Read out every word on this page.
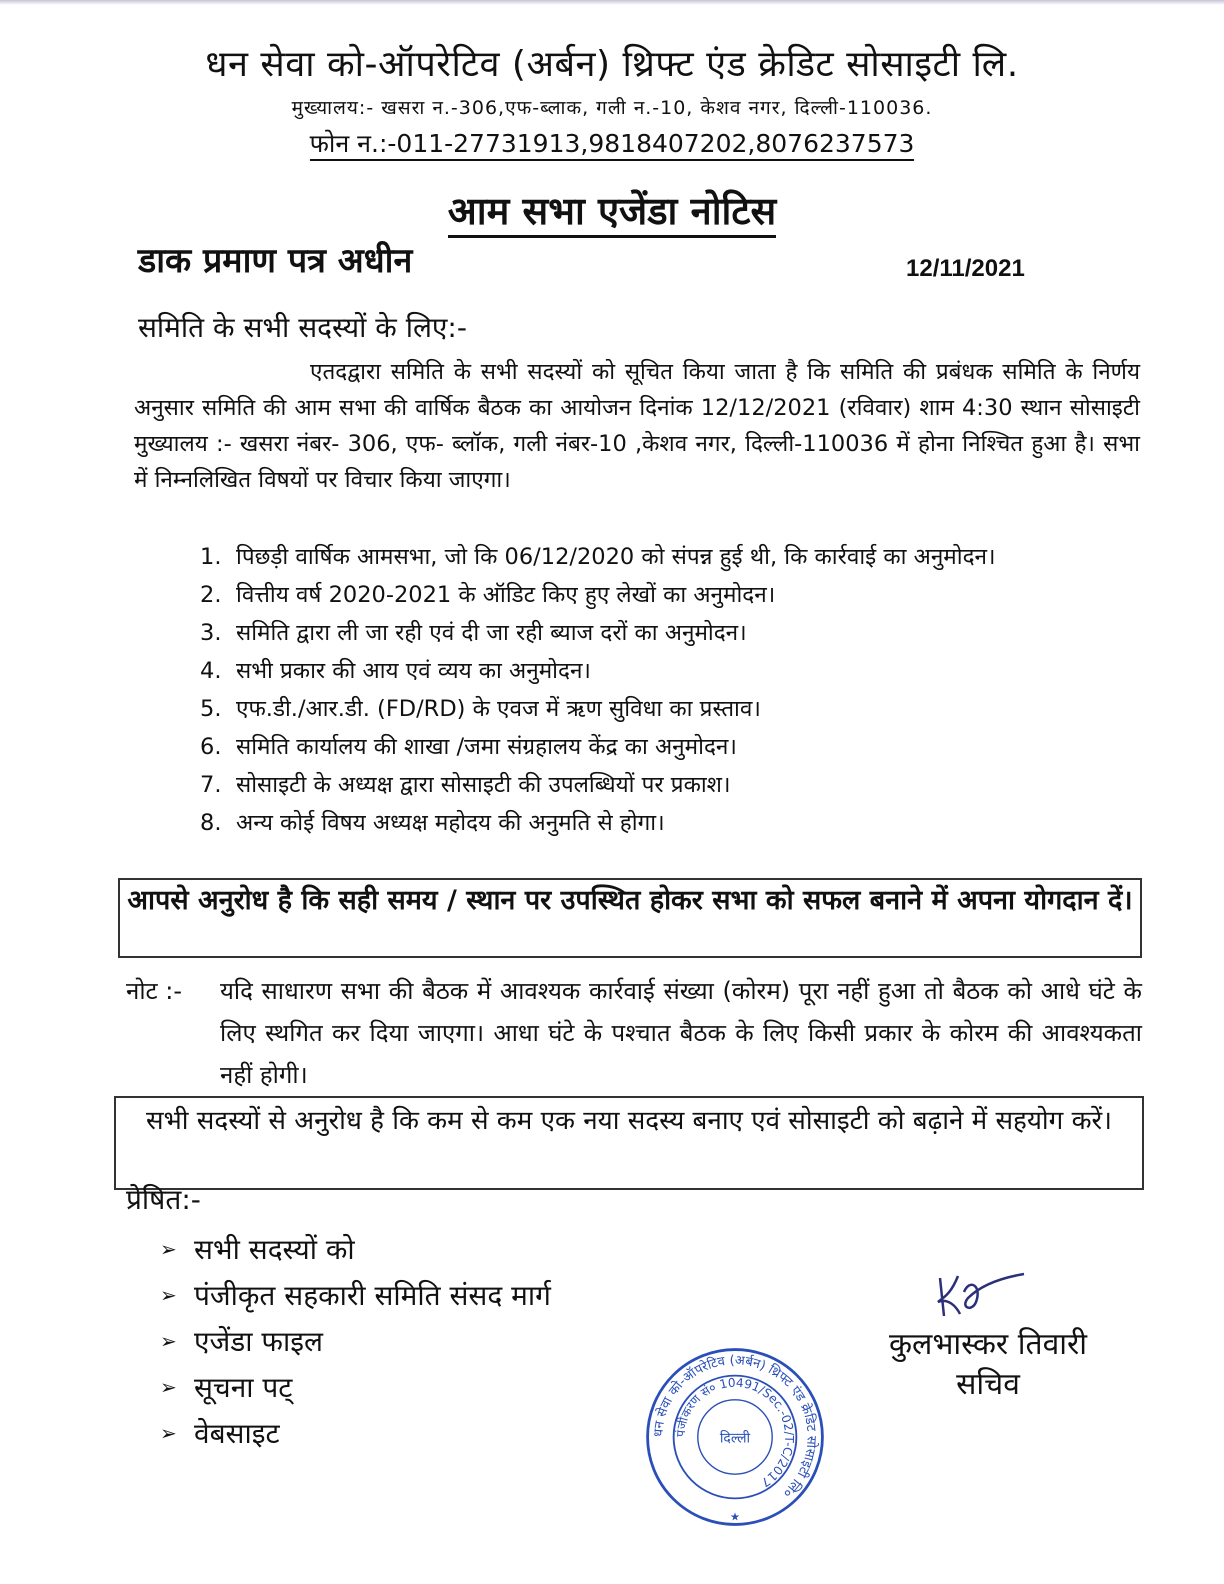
धन सेवा को-ऑपरेटिव (अर्बन) थ्रिफ्ट एंड क्रेडिट सोसाइटी लि.
मुख्यालय:- खसरा न.-306,एफ-ब्लाक, गली न.-10, केशव नगर, दिल्ली-110036.
फोन न.:-011-27731913,9818407202,8076237573
आम सभा एजेंडा नोटिस
डाक प्रमाण पत्र अधीन	12/11/2021
समिति के सभी सदस्यों के लिए:-
एतदद्वारा समिति के सभी सदस्यों को सूचित किया जाता है कि समिति की प्रबंधक समिति के निर्णय अनुसार समिति की आम सभा की वार्षिक बैठक का आयोजन दिनांक 12/12/2021 (रविवार) शाम 4:30 स्थान सोसाइटी मुख्यालय :- खसरा नंबर- 306, एफ- ब्लॉक, गली नंबर-10 ,केशव नगर, दिल्ली-110036 में होना निश्चित हुआ है। सभा में निम्नलिखित विषयों पर विचार किया जाएगा।
1. पिछड़ी वार्षिक आमसभा, जो कि 06/12/2020 को संपन्न हुई थी, कि कार्रवाई का अनुमोदन।
2. वित्तीय वर्ष 2020-2021 के ऑडिट किए हुए लेखों का अनुमोदन।
3. समिति द्वारा ली जा रही एवं दी जा रही ब्याज दरों का अनुमोदन।
4. सभी प्रकार की आय एवं व्यय का अनुमोदन।
5. एफ.डी./आर.डी. (FD/RD) के एवज में ऋण सुविधा का प्रस्ताव।
6. समिति कार्यालय की शाखा /जमा संग्रहालय केंद्र का अनुमोदन।
7. सोसाइटी के अध्यक्ष द्वारा सोसाइटी की उपलब्धियों पर प्रकाश।
8. अन्य कोई विषय अध्यक्ष महोदय की अनुमति से होगा।
आपसे अनुरोध है कि सही समय / स्थान पर उपस्थित होकर सभा को सफल बनाने में अपना योगदान दें।
नोट :- यदि साधारण सभा की बैठक में आवश्यक कार्रवाई संख्या (कोरम) पूरा नहीं हुआ तो बैठक को आधे घंटे के लिए स्थगित कर दिया जाएगा। आधा घंटे के पश्चात बैठक के लिए किसी प्रकार के कोरम की आवश्यकता नहीं होगी।
सभी सदस्यों से अनुरोध है कि कम से कम एक नया सदस्य बनाए एवं सोसाइटी को बढ़ाने में सहयोग करें।
प्रेषित:-
➢ सभी सदस्यों को
➢ पंजीकृत सहकारी समिति संसद मार्ग
➢ एजेंडा फाइल
➢ सूचना पट्
➢ वेबसाइट
कुलभास्कर तिवारी
सचिव
धन सेवा को-ऑपरेटिव (अर्बन) थ्रिफ्ट एंड क्रेडिट सोसाइटी लि०
पंजीकरण सं० 10491/Sec.-02/T-C/2017
दिल्ली
★
